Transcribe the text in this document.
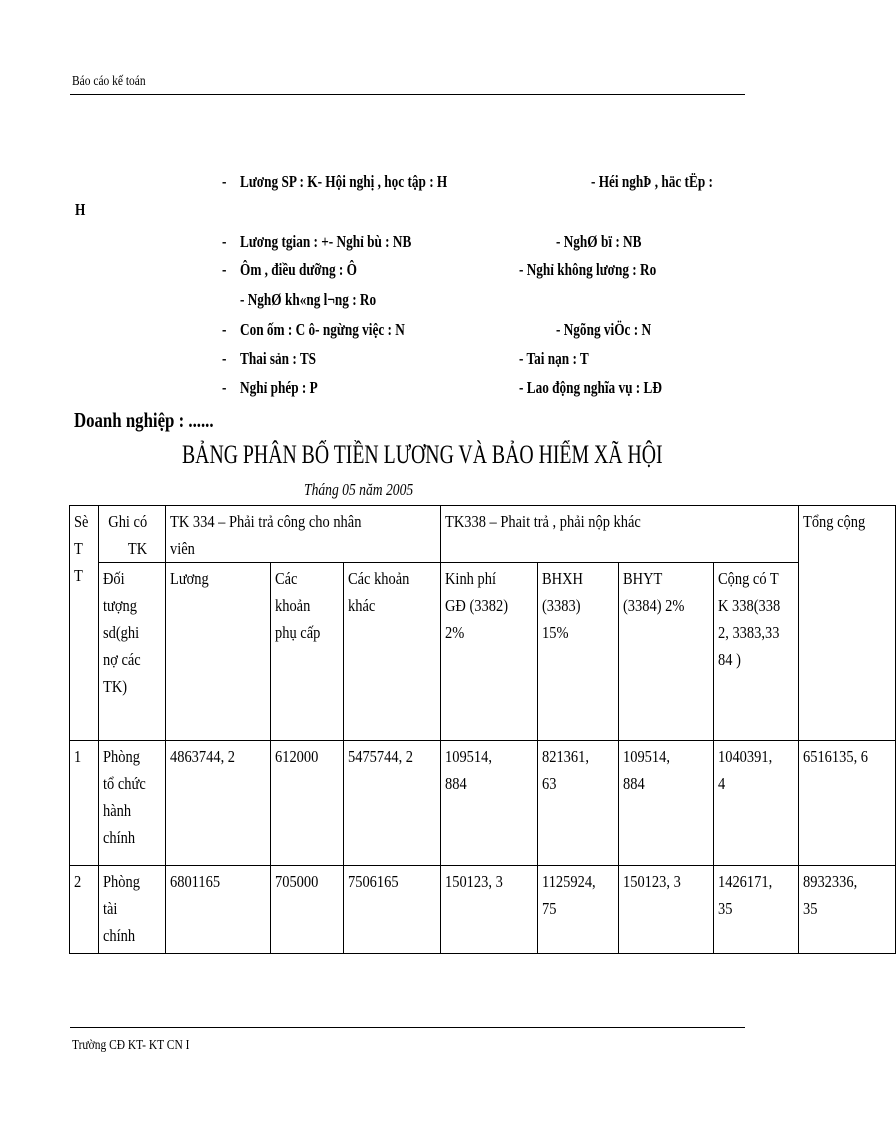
Báo cáo kế toán
- Lương SP : K- Hội nghị , học tập : H	- Héi nghÞ , häc tËp :
H
- Lương tgian : +- Nghỉ bù : NB	- NghØ bï : NB
- Ôm , điều dưỡng : Ô	- Nghỉ không lương : Ro
- NghØ kh«ng l¬ng : Ro
- Con ốm : C ô- ngừng việc : N	- Ngõng viÖc : N
- Thai sản : TS	- Tai nạn : T
- Nghỉ phép : P	- Lao động nghĩa vụ : LĐ
Doanh nghiệp : ......
BẢNG PHÂN BỔ TIỀN LƯƠNG VÀ BẢO HIỂM XÃ HỘI
Tháng 05 năm 2005
Sè T T	Ghi có TK	TK 334 – Phải trả công cho nhân viên			TK338 – Phait trả , phải nộp khác				Tổng cộng
	Đối tượng sd(ghi nợ các TK)	Lương	Các khoản phụ cấp	Các khoản khác	Kinh phí GĐ (3382) 2%	BHXH (3383) 15%	BHYT (3384) 2%	Cộng có TK 338(3382, 3383,3384 )	
1	Phòng tổ chức hành chính	4863744, 2	612000	5475744, 2	109514, 884	821361, 63	109514, 884	1040391, 4	6516135, 6
2	Phòng tài chính	6801165	705000	7506165	150123, 3	1125924, 75	150123, 3	1426171, 35	8932336, 35
Trường CĐ KT- KT CN I
